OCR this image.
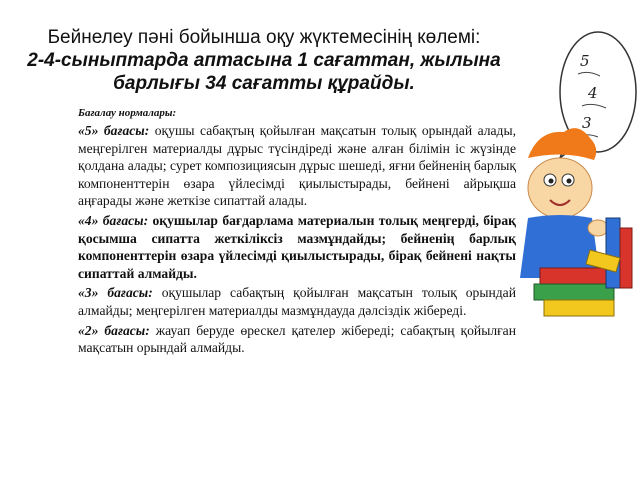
Бейнелеу пәні бойынша оқу жүктемесінің көлемі:
2-4-сыныптарда аптасына 1 сағаттан, жылына барлығы 34 сағатты құрайды.
Бағалау нормалары:

«5» бағасы: оқушы сабақтың қойылған мақсатын толық орындай алады, меңгерілген материалды дұрыс түсіндіреді және алған білімін іс жүзінде қолдана алады; сурет композициясын дұрыс шешеді, яғни бейненің барлық компоненттерін өзара үйлесімді қиылыстырады, бейнені айрықша аңғарады және жеткізе сипаттай алады.

«4» бағасы: оқушылар бағдарлама материалын толық меңгерді, бірақ қосымша сипатта жеткіліксіз мазмұндайды; бейненің барлық компоненттерін өзара үйлесімді қиылыстырады, бірақ бейнені нақты сипаттай алмайды.

«3» бағасы: оқушылар сабақтың қойылған мақсатын толық орындай алмайды; меңгерілген материалды мазмұндауда дәлсіздік жібереді.

«2» бағасы: жауап беруде өрескел қателер жібереді; сабақтың қойылған мақсатын орындай алмайды.

5
4
3
